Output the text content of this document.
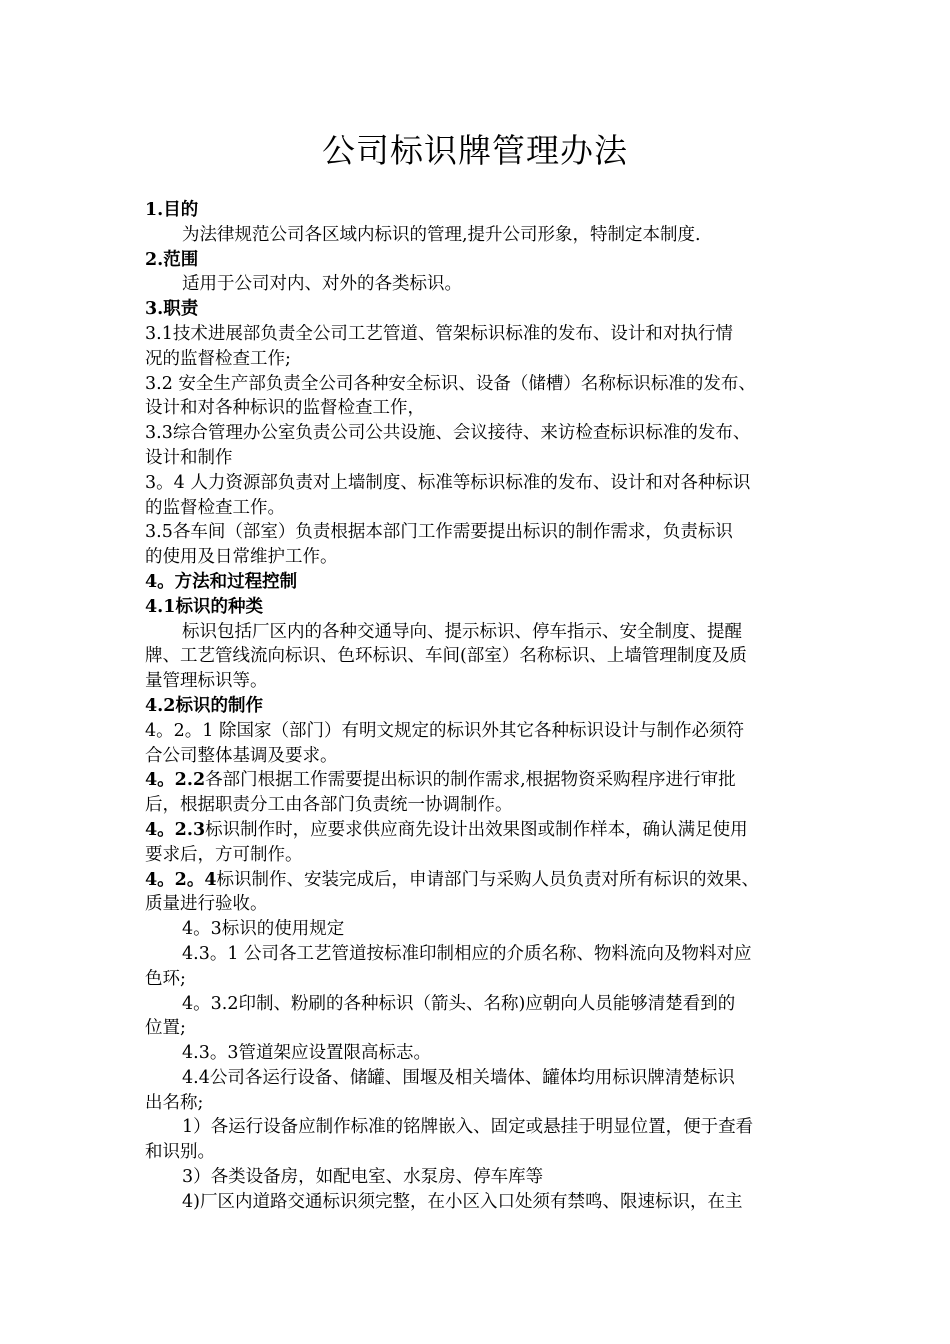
公司标识牌管理办法
1.目的
为法律规范公司各区域内标识的管理,提升公司形象，特制定本制度.
2.范围
适用于公司对内、对外的各类标识。
3.职责
3.1技术进展部负责全公司工艺管道、管架标识标准的发布、设计和对执行情
况的监督检查工作;
3.2 安全生产部负责全公司各种安全标识、设备（储槽）名称标识标准的发布、
设计和对各种标识的监督检查工作，
3.3综合管理办公室负责公司公共设施、会议接待、来访检查标识标准的发布、
设计和制作
3。4 人力资源部负责对上墙制度、标准等标识标准的发布、设计和对各种标识
的监督检查工作。
3.5各车间（部室）负责根据本部门工作需要提出标识的制作需求，负责标识
的使用及日常维护工作。
4。方法和过程控制
4.1标识的种类
标识包括厂区内的各种交通导向、提示标识、停车指示、安全制度、提醒
牌、工艺管线流向标识、色环标识、车间(部室）名称标识、上墙管理制度及质
量管理标识等。
4.2标识的制作
4。2。1 除国家（部门）有明文规定的标识外其它各种标识设计与制作必须符
合公司整体基调及要求。
4。2.2各部门根据工作需要提出标识的制作需求,根据物资采购程序进行审批
后，根据职责分工由各部门负责统一协调制作。
4。2.3标识制作时，应要求供应商先设计出效果图或制作样本，确认满足使用
要求后，方可制作。
4。2。4标识制作、安装完成后，申请部门与采购人员负责对所有标识的效果、
质量进行验收。
4。3标识的使用规定
4.3。1 公司各工艺管道按标准印制相应的介质名称、物料流向及物料对应
色环;
4。3.2印制、粉刷的各种标识（箭头、名称)应朝向人员能够清楚看到的
位置;
4.3。3管道架应设置限高标志。
4.4公司各运行设备、储罐、围堰及相关墙体、罐体均用标识牌清楚标识
出名称;
1）各运行设备应制作标准的铭牌嵌入、固定或悬挂于明显位置，便于查看
和识别。
3）各类设备房，如配电室、水泵房、停车库等
4)厂区内道路交通标识须完整，在小区入口处须有禁鸣、限速标识，在主
